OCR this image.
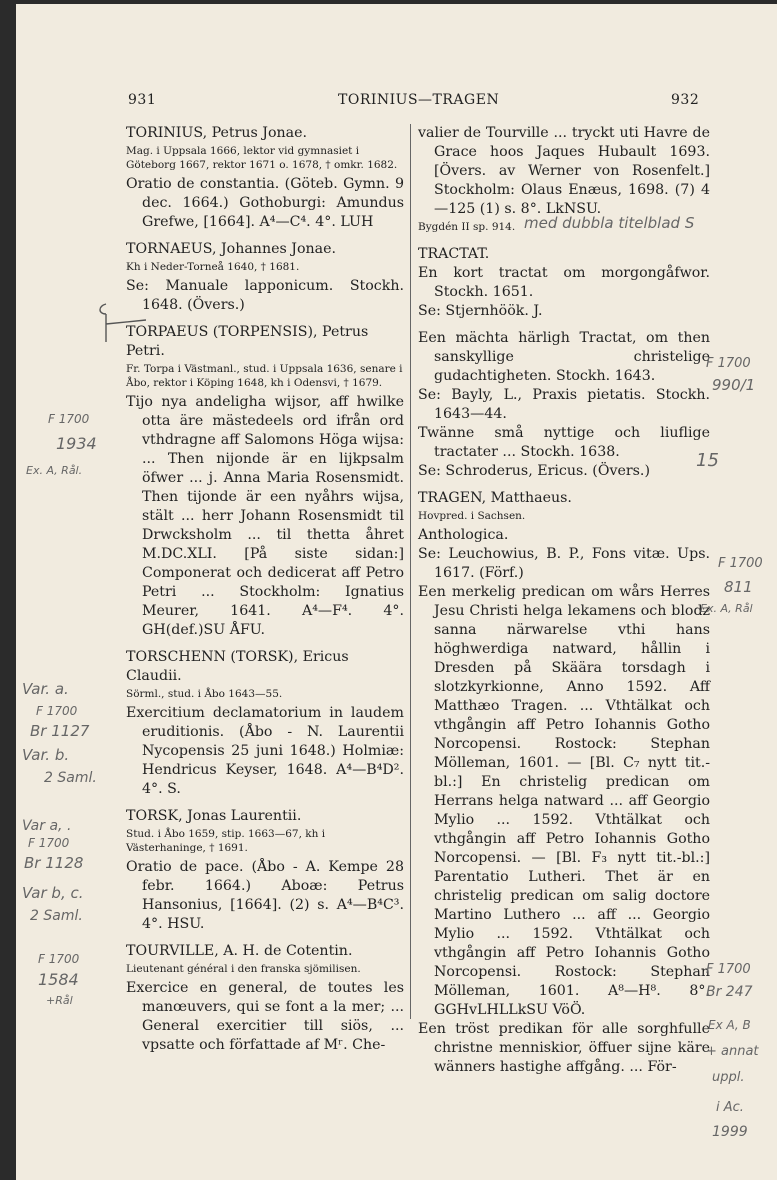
931	TORINIUS—TRAGEN	932
TORINIUS, Petrus Jonae.
Mag. i Uppsala 1666, lektor vid gymnasiet i Göteborg 1667, rektor 1671 o. 1678, † omkr. 1682.
Oratio de constantia. (Göteb. Gymn. 9 dec. 1664.) Gothoburgi: Amundus Grefwe, [1664]. A⁴—C⁴. 4°. LUH
TORNAEUS, Johannes Jonae.
Kh i Neder-Torneå 1640, † 1681.
Se: Manuale lapponicum. Stockh. 1648. (Övers.)
TORPAEUS (TORPENSIS), Petrus Petri.
Fr. Torpa i Västmanl., stud. i Uppsala 1636, senare i Åbo, rektor i Köping 1648, kh i Odensvi, † 1679.
Tijo nya andeligha wijsor, aff hwilke otta äre mästedeels ord ifrån ord vthdragne aff Salomons Höga wijsa: ... Then nijonde är en lijkpsalm öfwer ... j. Anna Maria Rosensmidt. Then tijonde är een nyåhrs wijsa, stält ... herr Johann Rosensmidt til Drwcksholm ... til thetta åhret M.DC.XLI. [På siste sidan:] Componerat och dedicerat aff Petro Petri ... Stockholm: Ignatius Meurer, 1641. A⁴—F⁴. 4°. GH(def.)SU ÅFU.
TORSCHENN (TORSK), Ericus Claudii.
Sörml., stud. i Åbo 1643—55.
Exercitium declamatorium in laudem eruditionis. (Åbo - N. Laurentii Nycopensis 25 juni 1648.) Holmiæ: Hendricus Keyser, 1648. A⁴—B⁴D². 4°. S.
TORSK, Jonas Laurentii.
Stud. i Åbo 1659, stip. 1663—67, kh i Västerhaninge, † 1691.
Oratio de pace. (Åbo - A. Kempe 28 febr. 1664.) Aboæ: Petrus Hansonius, [1664]. (2) s. A⁴—B⁴C³. 4°. HSU.
TOURVILLE, A. H. de Cotentin.
Lieutenant général i den franska sjömilisen.
Exercice en general, de toutes les manœuvers, qui se font a la mer; ... General exercitier till siös, ... vpsatte och författade af Mʳ. Che-
valier de Tourville ... tryckt uti Havre de Grace hoos Jaques Hubault 1693. [Övers. av Werner von Rosenfelt.] Stockholm: Olaus Enæus, 1698. (7) 4—125 (1) s. 8°. LkNSU.
Bygdén II sp. 914.
TRACTAT.
En kort tractat om morgongåfwor. Stockh. 1651.
Se: Stjernhöök. J.
Een mächta härligh Tractat, om then sanskyllige christelige gudachtigheten. Stockh. 1643.
Se: Bayly, L., Praxis pietatis. Stockh. 1643—44.
Twänne små nyttige och liuflige tractater ... Stockh. 1638.
Se: Schroderus, Ericus. (Övers.)
TRAGEN, Matthaeus.
Hovpred. i Sachsen.
Anthologica.
Se: Leuchowius, B. P., Fons vitæ. Ups. 1617. (Förf.)
Een merkelig predican om wårs Herres Jesu Christi helga lekamens och blodz sanna närwarelse vthi hans höghwerdiga natward, hållin i Dresden på Skäära torsdagh i slotzkyrkionne, Anno 1592. Aff Matthæo Tragen. ... Vthtälkat och vthgångin aff Petro Iohannis Gotho Norcopensi. Rostock: Stephan Mölleman, 1601. — [Bl. C₇ nytt tit.-bl.:] En christelig predican om Herrans helga natward ... aff Georgio Mylio ... 1592. Vthtälkat och vthgångin aff Petro Iohannis Gotho Norcopensi. — [Bl. F₃ nytt tit.-bl.:] Parentatio Lutheri. Thet är en christelig predican om salig doctore Martino Luthero ... aff ... Georgio Mylio ... 1592. Vthtälkat och vthgångin aff Petro Iohannis Gotho Norcopensi. Rostock: Stephan Mölleman, 1601. A⁸—H⁸. 8°. GGHvLHLLkSU VöÖ.
Een tröst predikan för alle sorghfulle christne menniskior, öffuer sijne käre wänners hastighe affgång. ... För-
F 1700
1934
Ex. A, Rål.
Var. a.
F 1700
Br 1127
Var. b.
2 Saml.
Var a, .
F 1700
Br 1128
Var b, c.
2 Saml.
F 1700
1584
+Rål
med dubbla titelblad S
F 1700
990/1
15
F 1700
811
Ex. A, Rål
F 1700
Br 247
Ex A, B
+ annat
uppl.
i Ac.
1999
